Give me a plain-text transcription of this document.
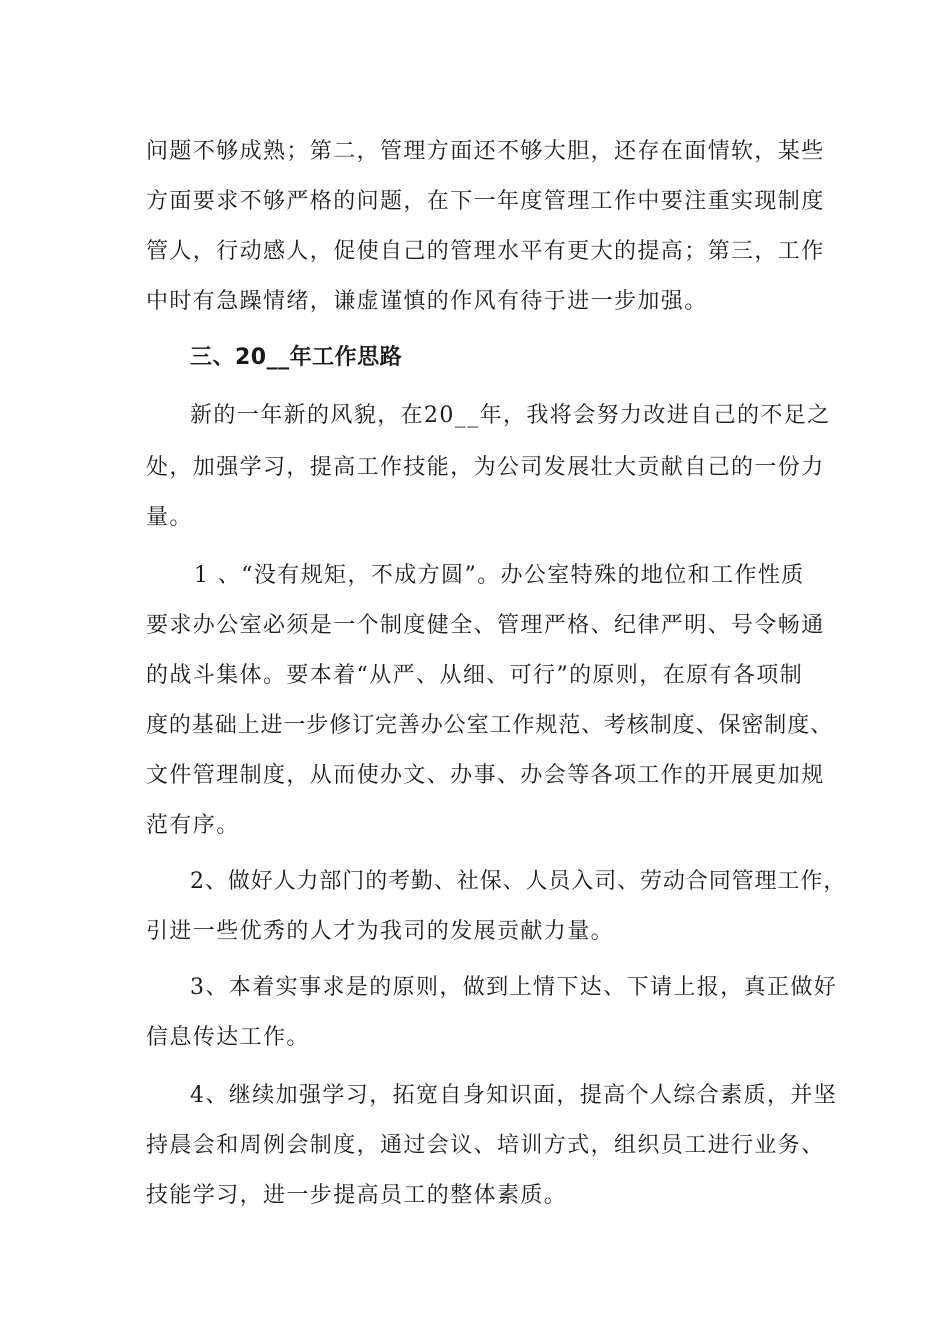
问题不够成熟；第二，管理方面还不够大胆，还存在面情软，某些
方面要求不够严格的问题，在下一年度管理工作中要注重实现制度
管人，行动感人，促使自己的管理水平有更大的提高；第三，工作
中时有急躁情绪，谦虚谨慎的作风有待于进一步加强。
三、20__年工作思路
新的一年新的风貌，在20__年，我将会努力改进自己的不足之
处，加强学习，提高工作技能，为公司发展壮大贡献自己的一份力
量。
1 、“没有规矩，不成方圆”。办公室特殊的地位和工作性质
要求办公室必须是一个制度健全、管理严格、纪律严明、号令畅通
的战斗集体。要本着“从严、从细、可行”的原则，在原有各项制
度的基础上进一步修订完善办公室工作规范、考核制度、保密制度、
文件管理制度，从而使办文、办事、办会等各项工作的开展更加规
范有序。
2、做好人力部门的考勤、社保、人员入司、劳动合同管理工作，
引进一些优秀的人才为我司的发展贡献力量。
3、本着实事求是的原则，做到上情下达、下请上报，真正做好
信息传达工作。
4、继续加强学习，拓宽自身知识面，提高个人综合素质，并坚
持晨会和周例会制度，通过会议、培训方式，组织员工进行业务、
技能学习，进一步提高员工的整体素质。
